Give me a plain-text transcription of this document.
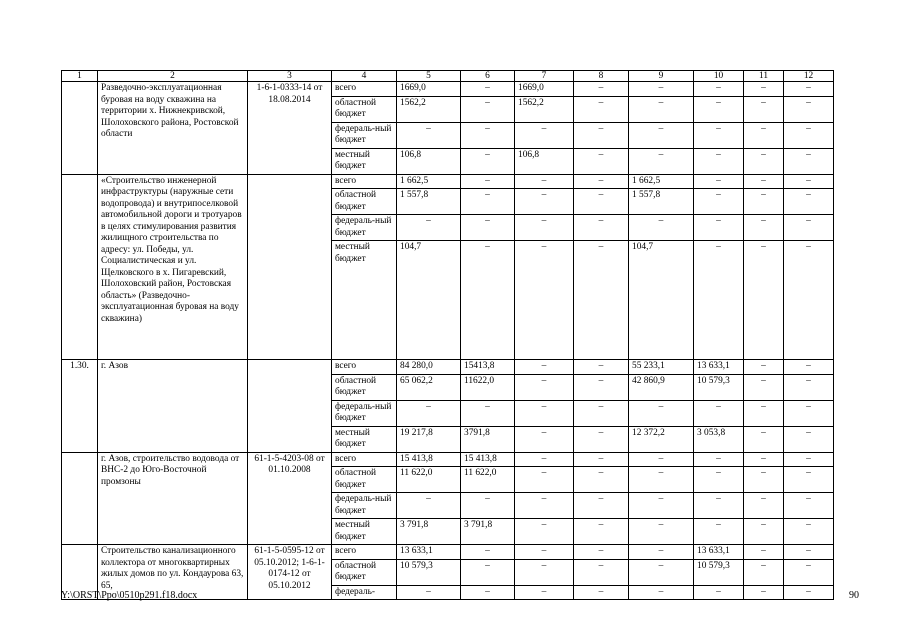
1	2	3	4	5	6	7	8	9	10	11	12
	Разведочно-эксплуатационная буровая на воду скважина на территории х. Нижнекривской, Шолоховского района, Ростовской области	1-6-1-0333-14 от 18.08.2014	всего	1669,0	–	1669,0	–	–	–	–	–
			областной бюджет	1562,2	–	1562,2	–	–	–	–	–
			федераль-ный бюджет	–	–	–	–	–	–	–	–
			местный бюджет	106,8	–	106,8	–	–	–	–	–
	«Строительство инженерной инфраструктуры (наружные сети водопровода) и внутрипоселковой автомобильной дороги и тротуаров в целях стимулирования развития жилищного строительства по адресу: ул. Победы, ул. Социалистическая и ул. Щелковского в х. Пигаревский, Шолоховский район, Ростовская область» (Разведочно-эксплуатационная буровая на воду скважина)		всего	1 662,5	–	–	–	1 662,5	–	–	–
			областной бюджет	1 557,8	–	–	–	1 557,8	–	–	–
			федераль-ный бюджет	–	–	–	–	–	–	–	–
			местный бюджет	104,7	–	–	–	104,7	–	–	–
1.30.	г. Азов		всего	84 280,0	15413,8	–	–	55 233,1	13 633,1	–	–
			областной бюджет	65 062,2	11622,0	–	–	42 860,9	10 579,3	–	–
			федераль-ный бюджет	–	–	–	–	–	–	–	–
			местный бюджет	19 217,8	3791,8	–	–	12 372,2	3 053,8	–	–
	г. Азов, строительство водовода от ВНС-2 до Юго-Восточной промзоны	61-1-5-4203-08 от 01.10.2008	всего	15 413,8	15 413,8	–	–	–	–	–	–
			областной бюджет	11 622,0	11 622,0	–	–	–	–	–	–
			федераль-ный бюджет	–	–	–	–	–	–	–	–
			местный бюджет	3 791,8	3 791,8	–	–	–	–	–	–
	Строительство канализационного коллектора от многоквартирных жилых домов по ул. Кондаурова 63, 65,	61-1-5-0595-12 от 05.10.2012; 1-6-1-0174-12 от 05.10.2012	всего	13 633,1	–	–	–	–	13 633,1	–	–
			областной бюджет	10 579,3	–	–	–	–	10 579,3	–	–
			федераль-	–	–	–	–	–	–	–	–
Y:\ORST\Ppo\0510p291.f18.docx	90
